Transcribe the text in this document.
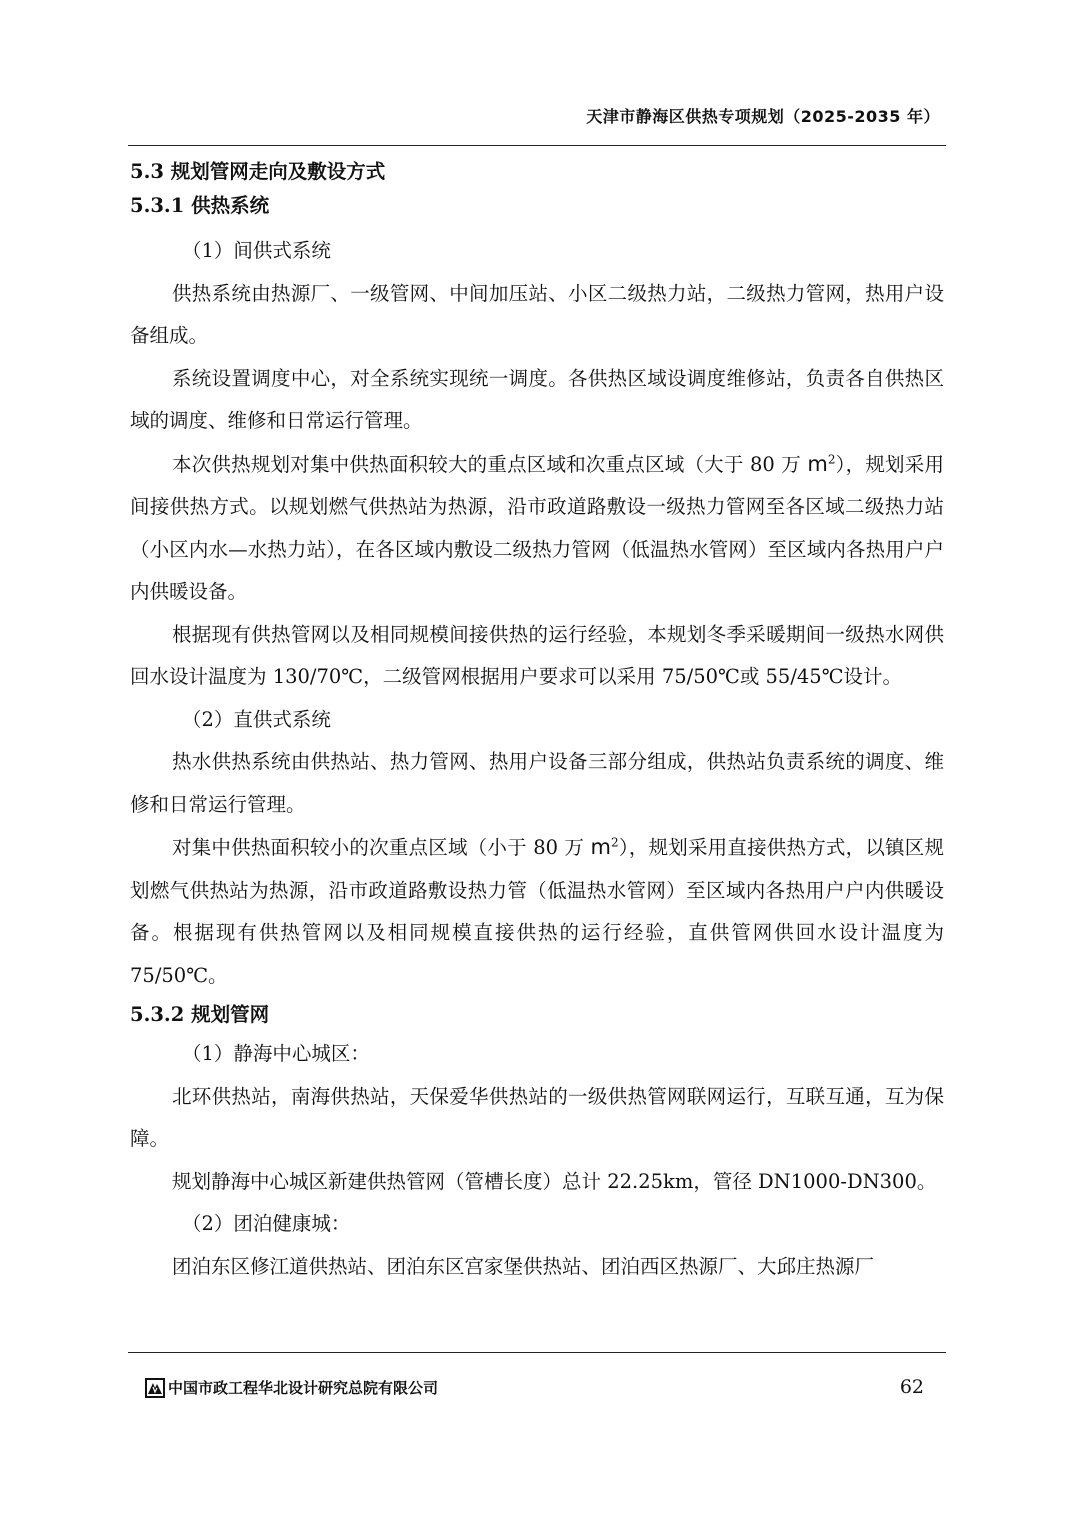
天津市静海区供热专项规划（2025-2035 年）

5.3 规划管网走向及敷设方式

5.3.1 供热系统

（1）间供式系统

供热系统由热源厂、一级管网、中间加压站、小区二级热力站，二级热力管网，热用户设备组成。

系统设置调度中心，对全系统实现统一调度。各供热区域设调度维修站，负责各自供热区域的调度、维修和日常运行管理。

本次供热规划对集中供热面积较大的重点区域和次重点区域（大于 80 万 $m^2$），规划采用间接供热方式。以规划燃气供热站为热源，沿市政道路敷设一级热力管网至各区域二级热力站（小区内水—水热力站），在各区域内敷设二级热力管网（低温热水管网）至区域内各热用户户内供暖设备。

根据现有供热管网以及相同规模间接供热的运行经验，本规划冬季采暖期间一级热水网供回水设计温度为 130/70℃，二级管网根据用户要求可以采用 75/50℃或 55/45℃设计。

（2）直供式系统

热水供热系统由供热站、热力管网、热用户设备三部分组成，供热站负责系统的调度、维修和日常运行管理。

对集中供热面积较小的次重点区域（小于 80 万 $m^2$），规划采用直接供热方式，以镇区规划燃气供热站为热源，沿市政道路敷设热力管（低温热水管网）至区域内各热用户户内供暖设备。根据现有供热管网以及相同规模直接供热的运行经验，直供管网供回水设计温度为 75/50℃。

5.3.2 规划管网

（1）静海中心城区：

北环供热站，南海供热站，天保爱华供热站的一级供热管网联网运行，互联互通，互为保障。

规划静海中心城区新建供热管网（管槽长度）总计 22.25km，管径 DN1000-DN300。

（2）团泊健康城：

团泊东区修江道供热站、团泊东区宫家堡供热站、团泊西区热源厂、大邱庄热源厂

中国市政工程华北设计研究总院有限公司	62
